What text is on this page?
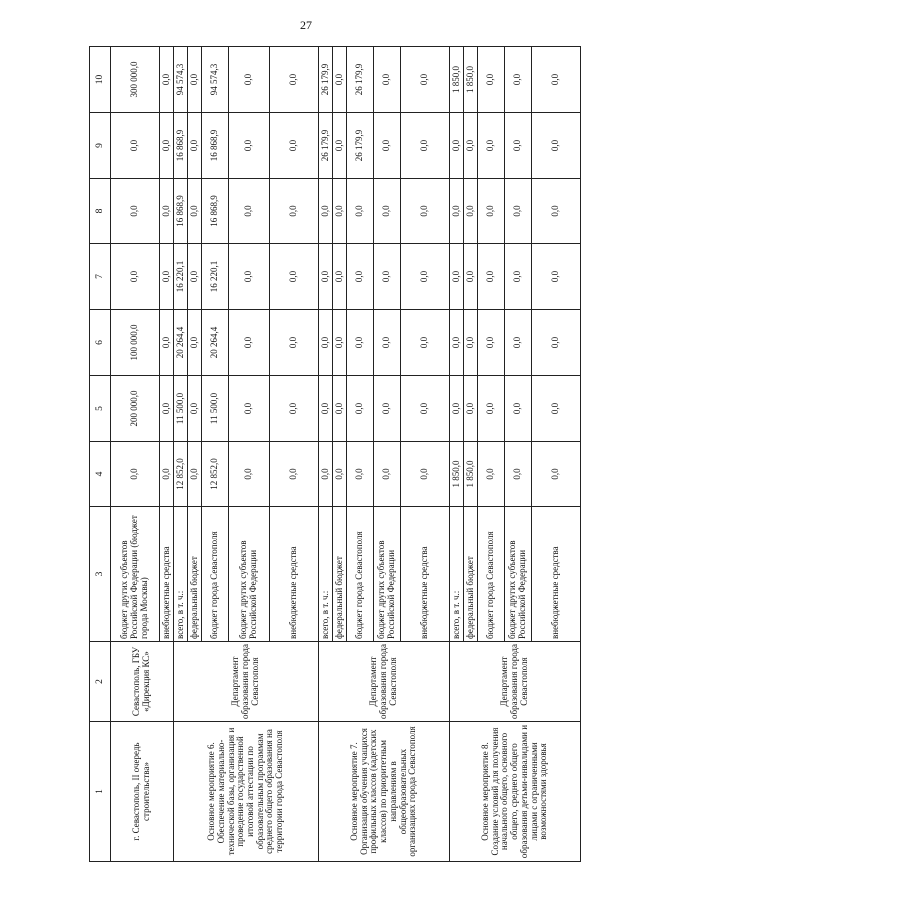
27
1	2	3	4	5	6	7	8	9	10
г. Севастополь, II очередь строительства»	Севастополь, ГБУ «Дирекция КС»	бюджет других субъектов Российской Федерации (бюджет города Москвы)	0,0	200 000,0	100 000,0	0,0	0,0	0,0	300 000,0
		внебюджетные средства	0,0	0,0	0,0	0,0	0,0	0,0	0,0
Основное мероприятие 6. Обеспечение материально-технической базы, организация и проведение государственной итоговой аттестации по образовательным программам среднего общего образования на территории города Севастополя	Департамент образования города Севастополя	всего, в т. ч.:	12 852,0	11 500,0	20 264,4	16 220,1	16 868,9	16 868,9	94 574,3
		федеральный бюджет	0,0	0,0	0,0	0,0	0,0	0,0	0,0
		бюджет города Севастополя	12 852,0	11 500,0	20 264,4	16 220,1	16 868,9	16 868,9	94 574,3
		бюджет других субъектов Российской Федерации	0,0	0,0	0,0	0,0	0,0	0,0	0,0
		внебюджетные средства	0,0	0,0	0,0	0,0	0,0	0,0	0,0
Основное мероприятие 7. Организация обучения учащихся профильных классов (кадетских классов) по приоритетным направлениям в общеобразовательных организациях города Севастополя	Департамент образования города Севастополя	всего, в т. ч.:	0,0	0,0	0,0	0,0	0,0	26 179,9	26 179,9
		федеральный бюджет	0,0	0,0	0,0	0,0	0,0	0,0	0,0
		бюджет города Севастополя	0,0	0,0	0,0	0,0	0,0	26 179,9	26 179,9
		бюджет других субъектов Российской Федерации	0,0	0,0	0,0	0,0	0,0	0,0	0,0
		внебюджетные средства	0,0	0,0	0,0	0,0	0,0	0,0	0,0
Основное мероприятие 8. Создание условий для получения начального общего, основного общего, среднего общего образования детьми-инвалидами и лицами с ограниченными возможностями здоровья	Департамент образования города Севастополя	всего, в т. ч.:	1 850,0	0,0	0,0	0,0	0,0	0,0	1 850,0
		федеральный бюджет	1 850,0	0,0	0,0	0,0	0,0	0,0	1 850,0
		бюджет города Севастополя	0,0	0,0	0,0	0,0	0,0	0,0	0,0
		бюджет других субъектов Российской Федерации	0,0	0,0	0,0	0,0	0,0	0,0	0,0
		внебюджетные средства	0,0	0,0	0,0	0,0	0,0	0,0	0,0
